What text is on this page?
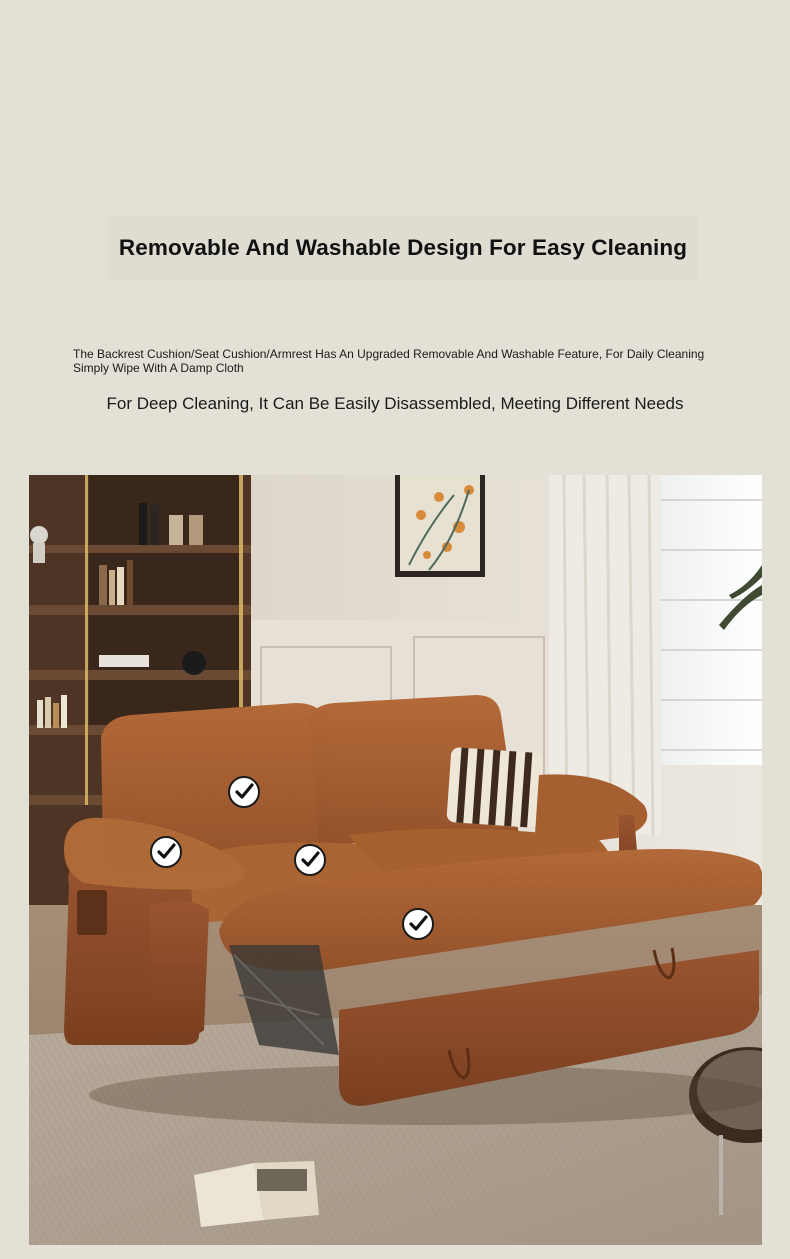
Removable And Washable Design For Easy Cleaning
The Backrest Cushion/Seat Cushion/Armrest Has An Upgraded Removable And Washable Feature, For Daily Cleaning Simply Wipe With A Damp Cloth
For Deep Cleaning, It Can Be Easily Disassembled, Meeting Different Needs
